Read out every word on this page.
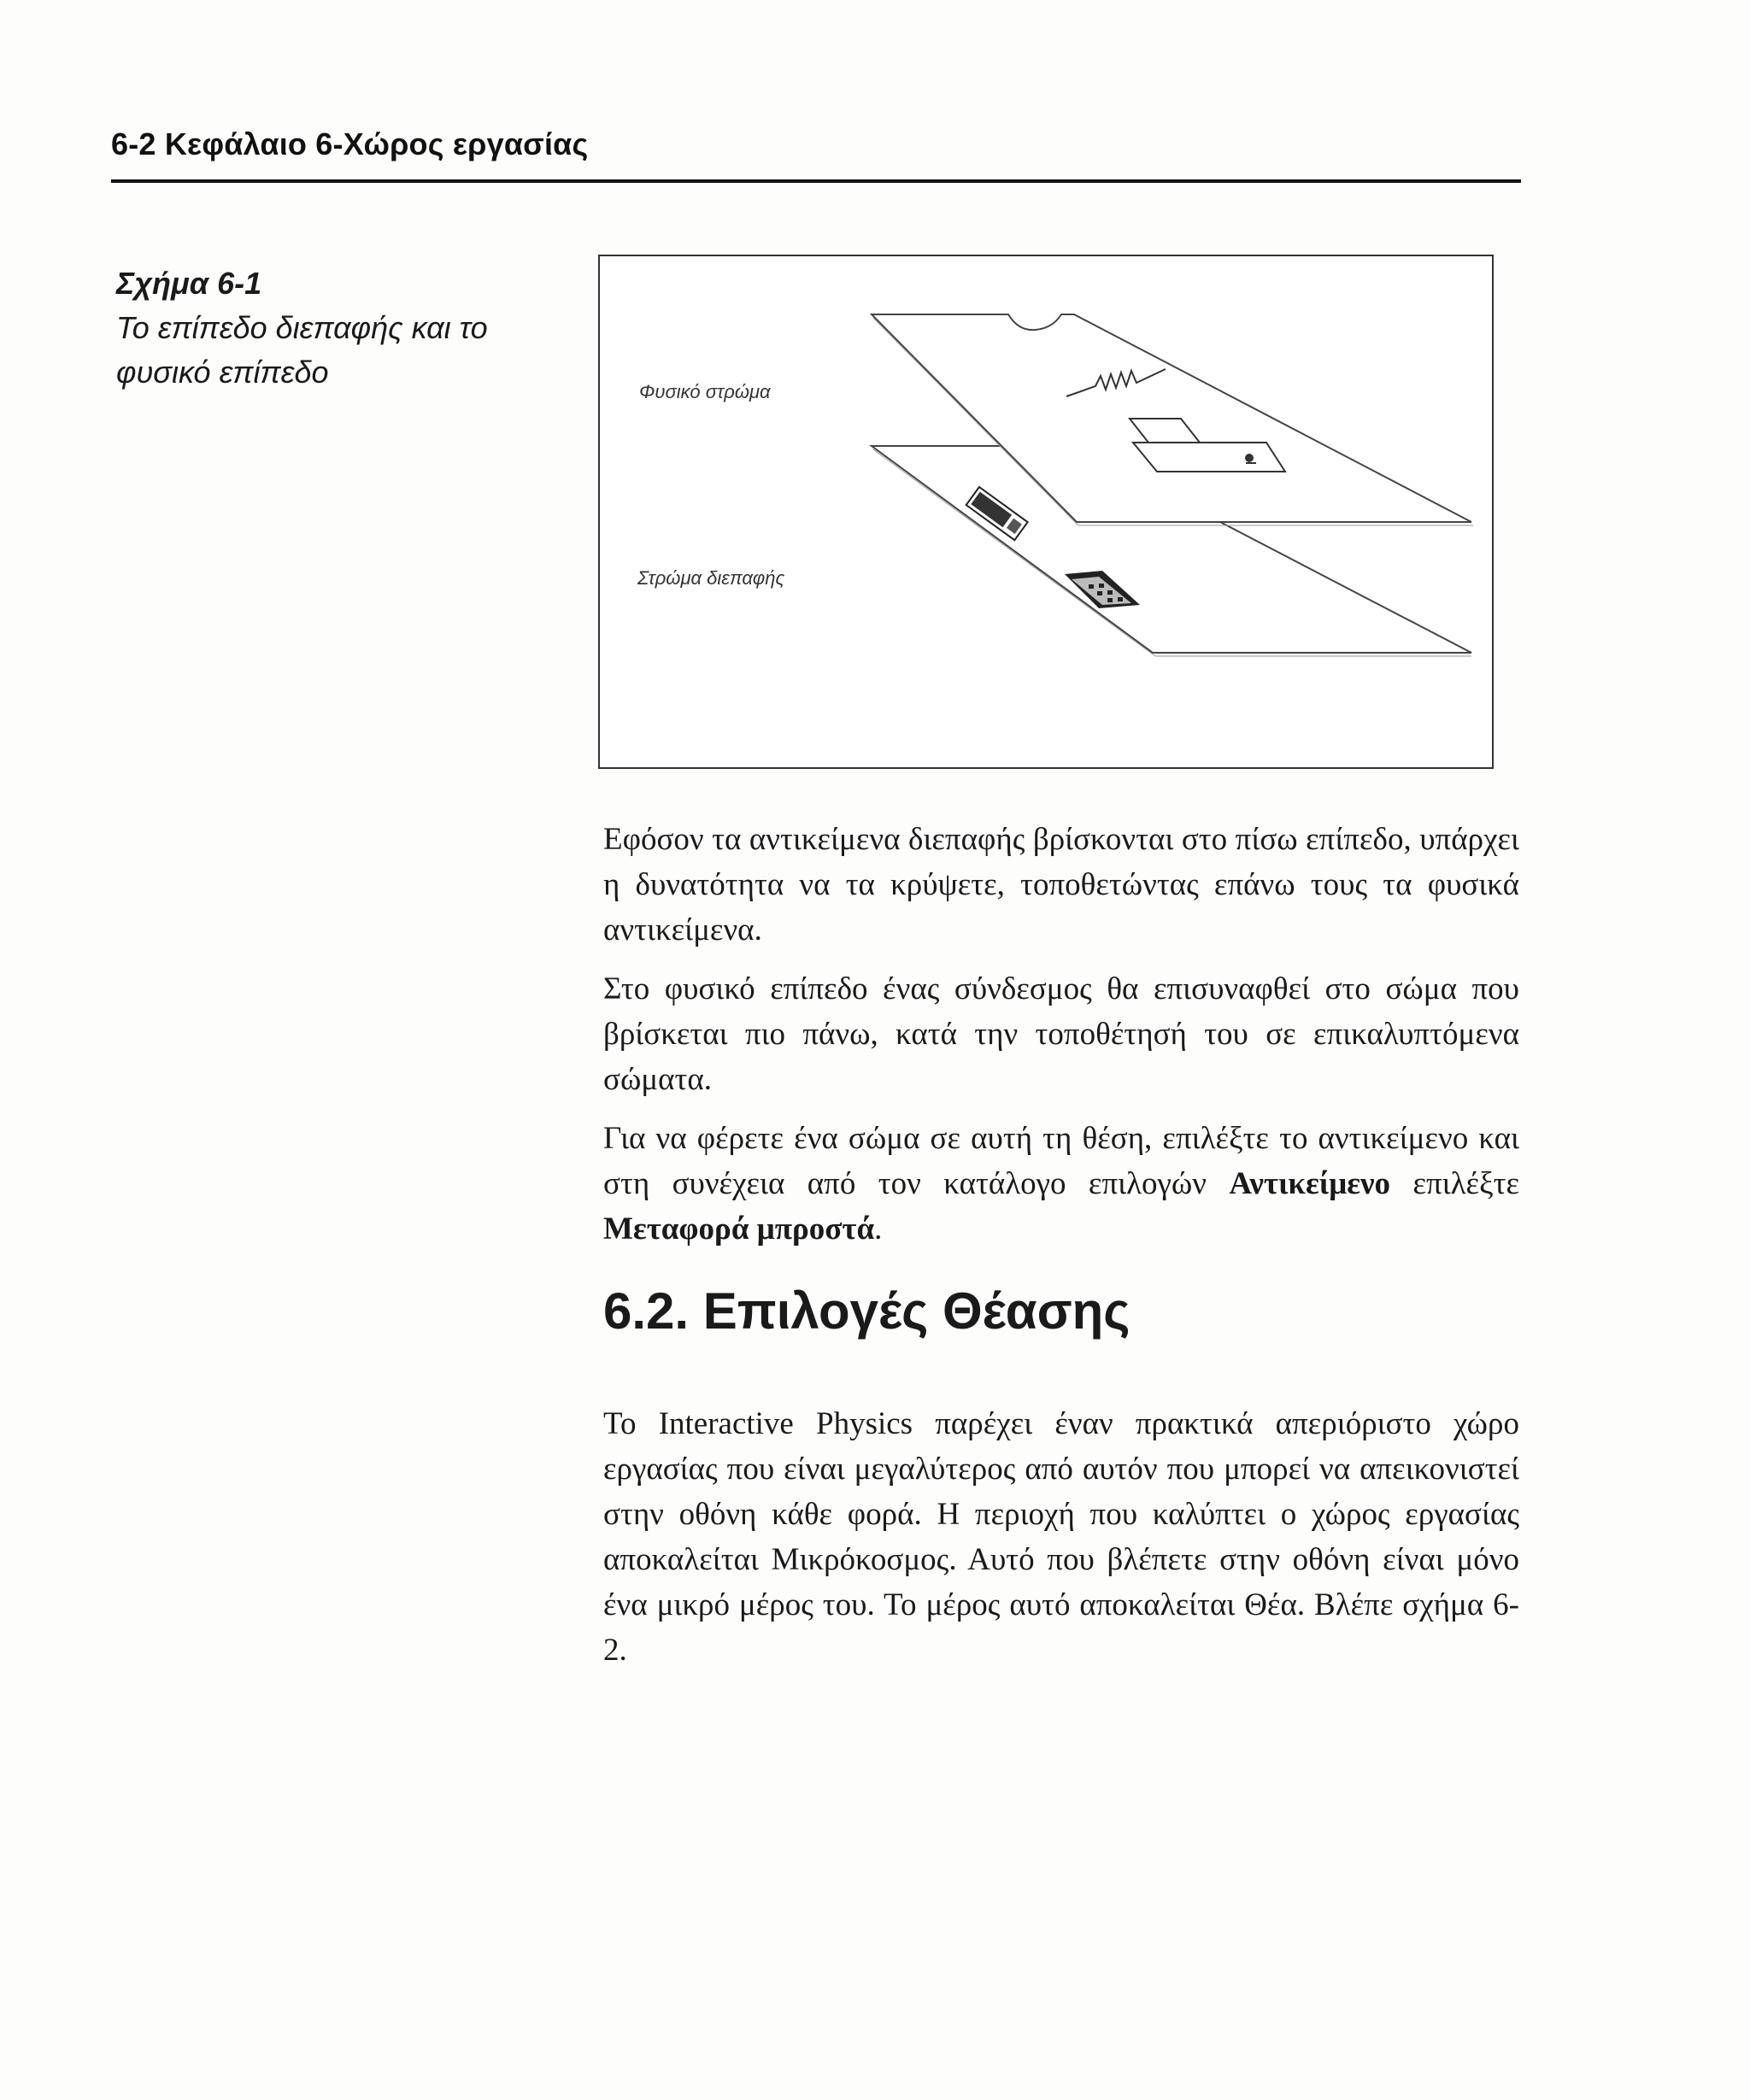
6-2 Κεφάλαιο 6-Χώρος εργασίας
Σχήμα 6-1
Το επίπεδο διεπαφής και το φυσικό επίπεδο
Φυσικό στρώμα
Στρώμα διεπαφής

Εφόσον τα αντικείμενα διεπαφής βρίσκονται στο πίσω επίπεδο, υπάρχει η δυνατότητα να τα κρύψετε, τοποθετώντας επάνω τους τα φυσικά αντικείμενα.

Στο φυσικό επίπεδο ένας σύνδεσμος θα επισυναφθεί στο σώμα που βρίσκεται πιο πάνω, κατά την τοποθέτησή του σε επικαλυπτόμενα σώματα.

Για να φέρετε ένα σώμα σε αυτή τη θέση, επιλέξτε το αντικείμενο και στη συνέχεια από τον κατάλογο επιλογών Αντικείμενο επιλέξτε Μεταφορά μπροστά.

6.2. Επιλογές Θέασης

Το Interactive Physics παρέχει έναν πρακτικά απεριόριστο χώρο εργασίας που είναι μεγαλύτερος από αυτόν που μπορεί να απεικονιστεί στην οθόνη κάθε φορά. Η περιοχή που καλύπτει ο χώρος εργασίας αποκαλείται Μικρόκοσμος. Αυτό που βλέπετε στην οθόνη είναι μόνο ένα μικρό μέρος του. Το μέρος αυτό αποκαλείται Θέα. Βλέπε σχήμα 6-2.
